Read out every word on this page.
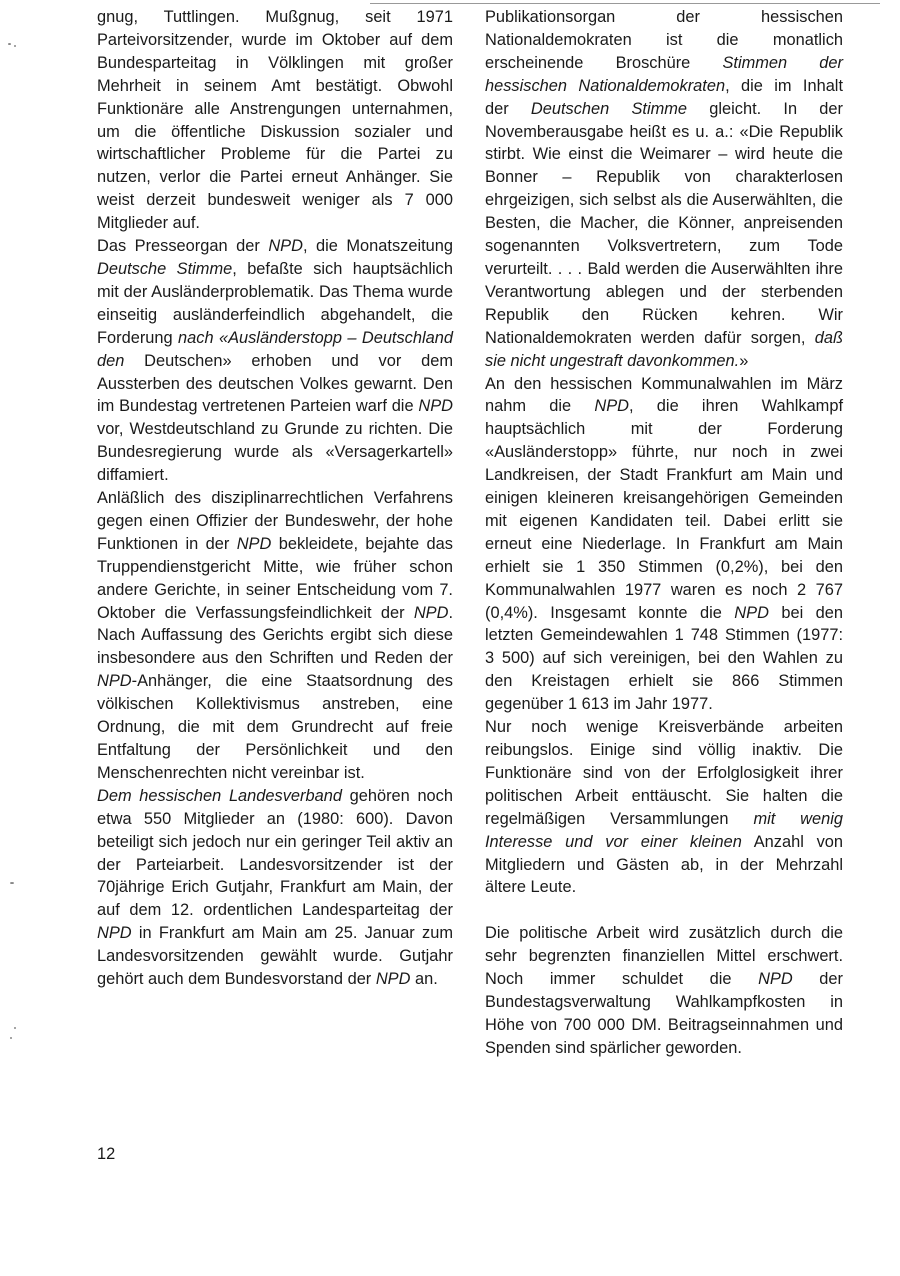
gnug, Tuttlingen. Mußgnug, seit 1971 Parteivorsitzender, wurde im Oktober auf dem Bundesparteitag in Völklingen mit großer Mehrheit in seinem Amt bestätigt. Obwohl Funktionäre alle Anstrengungen unternahmen, um die öffentliche Diskussion sozialer und wirtschaftlicher Probleme für die Partei zu nutzen, verlor die Partei erneut Anhänger. Sie weist derzeit bundesweit weniger als 7 000 Mitglieder auf.

Das Presseorgan der NPD, die Monatszeitung Deutsche Stimme, befaßte sich hauptsächlich mit der Ausländerproblematik. Das Thema wurde einseitig ausländerfeindlich abgehandelt, die Forderung nach «Ausländerstopp – Deutschland den Deutschen» erhoben und vor dem Aussterben des deutschen Volkes gewarnt. Den im Bundestag vertretenen Parteien warf die NPD vor, Westdeutschland zu Grunde zu richten. Die Bundesregierung wurde als «Versagerkartell» diffamiert.

Anläßlich des disziplinarrechtlichen Verfahrens gegen einen Offizier der Bundeswehr, der hohe Funktionen in der NPD bekleidete, bejahte das Truppendienstgericht Mitte, wie früher schon andere Gerichte, in seiner Entscheidung vom 7. Oktober die Verfassungsfeindlichkeit der NPD. Nach Auffassung des Gerichts ergibt sich diese insbesondere aus den Schriften und Reden der NPD-Anhänger, die eine Staatsordnung des völkischen Kollektivismus anstreben, eine Ordnung, die mit dem Grundrecht auf freie Entfaltung der Persönlichkeit und den Menschenrechten nicht vereinbar ist.

Dem hessischen Landesverband gehören noch etwa 550 Mitglieder an (1980: 600). Davon beteiligt sich jedoch nur ein geringer Teil aktiv an der Parteiarbeit. Landesvorsitzender ist der 70jährige Erich Gutjahr, Frankfurt am Main, der auf dem 12. ordentlichen Landesparteitag der NPD in Frankfurt am Main am 25. Januar zum Landesvorsitzenden gewählt wurde. Gutjahr gehört auch dem Bundesvorstand der NPD an.

Publikationsorgan der hessischen Nationaldemokraten ist die monatlich erscheinende Broschüre Stimmen der hessischen Nationaldemokraten, die im Inhalt der Deutschen Stimme gleicht. In der Novemberausgabe heißt es u. a.: «Die Republik stirbt. Wie einst die Weimarer – wird heute die Bonner – Republik von charakterlosen ehrgeizigen, sich selbst als die Auserwählten, die Besten, die Macher, die Könner, anpreisenden sogenannten Volksvertretern, zum Tode verurteilt. . . . Bald werden die Auserwählten ihre Verantwortung ablegen und der sterbenden Republik den Rücken kehren. Wir Nationaldemokraten werden dafür sorgen, daß sie nicht ungestraft davonkommen.»

An den hessischen Kommunalwahlen im März nahm die NPD, die ihren Wahlkampf hauptsächlich mit der Forderung «Ausländerstopp» führte, nur noch in zwei Landkreisen, der Stadt Frankfurt am Main und einigen kleineren kreisangehörigen Gemeinden mit eigenen Kandidaten teil. Dabei erlitt sie erneut eine Niederlage. In Frankfurt am Main erhielt sie 1 350 Stimmen (0,2%), bei den Kommunalwahlen 1977 waren es noch 2 767 (0,4%). Insgesamt konnte die NPD bei den letzten Gemeindewahlen 1 748 Stimmen (1977: 3 500) auf sich vereinigen, bei den Wahlen zu den Kreistagen erhielt sie 866 Stimmen gegenüber 1 613 im Jahr 1977.

Nur noch wenige Kreisverbände arbeiten reibungslos. Einige sind völlig inaktiv. Die Funktionäre sind von der Erfolglosigkeit ihrer politischen Arbeit enttäuscht. Sie halten die regelmäßigen Versammlungen mit wenig Interesse und vor einer kleinen Anzahl von Mitgliedern und Gästen ab, in der Mehrzahl ältere Leute.

Die politische Arbeit wird zusätzlich durch die sehr begrenzten finanziellen Mittel erschwert. Noch immer schuldet die NPD der Bundestagsverwaltung Wahlkampfkosten in Höhe von 700 000 DM. Beitragseinnahmen und Spenden sind spärlicher geworden.

12
